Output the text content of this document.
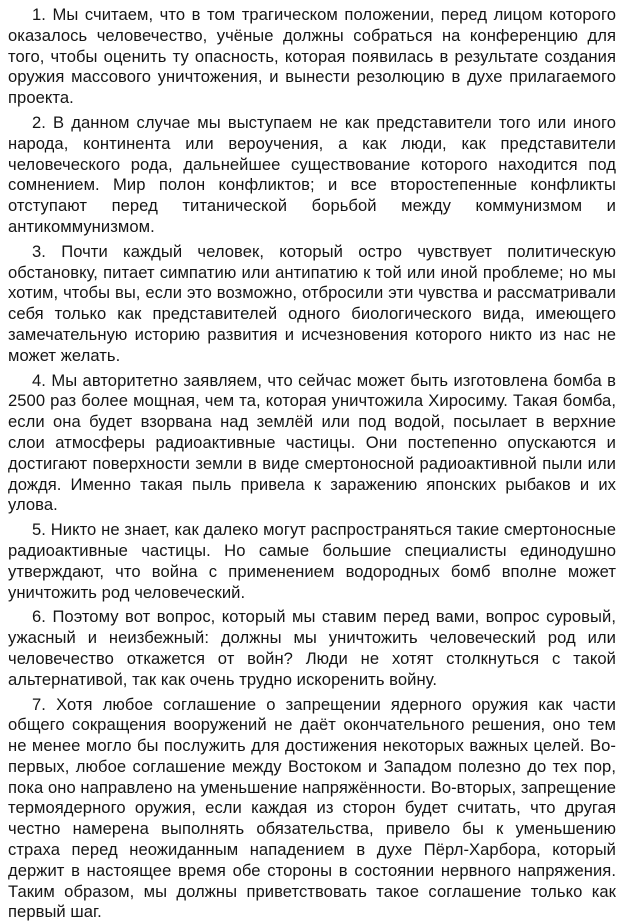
1. Мы считаем, что в том трагическом положении, перед лицом которого оказалось человечество, учёные должны собраться на конференцию для того, чтобы оценить ту опасность, которая появилась в результате создания оружия массового уничтожения, и вынести резолюцию в духе прилагаемого проекта.

2. В данном случае мы выступаем не как представители того или иного народа, континента или вероучения, а как люди, как представители человеческого рода, дальнейшее существование которого находится под сомнением. Мир полон конфликтов; и все второстепенные конфликты отступают перед титанической борьбой между коммунизмом и антикоммунизмом.

3. Почти каждый человек, который остро чувствует политическую обстановку, питает симпатию или антипатию к той или иной проблеме; но мы хотим, чтобы вы, если это возможно, отбросили эти чувства и рассматривали себя только как представителей одного биологического вида, имеющего замечательную историю развития и исчезновения которого никто из нас не может желать.

4. Мы авторитетно заявляем, что сейчас может быть изготовлена бомба в 2500 раз более мощная, чем та, которая уничтожила Хиросиму. Такая бомба, если она будет взорвана над землёй или под водой, посылает в верхние слои атмосферы радиоактивные частицы. Они постепенно опускаются и достигают поверхности земли в виде смертоносной радиоактивной пыли или дождя. Именно такая пыль привела к заражению японских рыбаков и их улова.

5. Никто не знает, как далеко могут распространяться такие смертоносные радиоактивные частицы. Но самые большие специалисты единодушно утверждают, что война с применением водородных бомб вполне может уничтожить род человеческий.

6. Поэтому вот вопрос, который мы ставим перед вами, вопрос суровый, ужасный и неизбежный: должны мы уничтожить человеческий род или человечество откажется от войн? Люди не хотят столкнуться с такой альтернативой, так как очень трудно искоренить войну.

7. Хотя любое соглашение о запрещении ядерного оружия как части общего сокращения вооружений не даёт окончательного решения, оно тем не менее могло бы послужить для достижения некоторых важных целей. Во-первых, любое соглашение между Востоком и Западом полезно до тех пор, пока оно направлено на уменьшение напряжённости. Во-вторых, запрещение термоядерного оружия, если каждая из сторон будет считать, что другая честно намерена выполнять обязательства, привело бы к уменьшению страха перед неожиданным нападением в духе Пёрл-Харбора, который держит в настоящее время обе стороны в состоянии нервного напряжения. Таким образом, мы должны приветствовать такое соглашение только как первый шаг.
